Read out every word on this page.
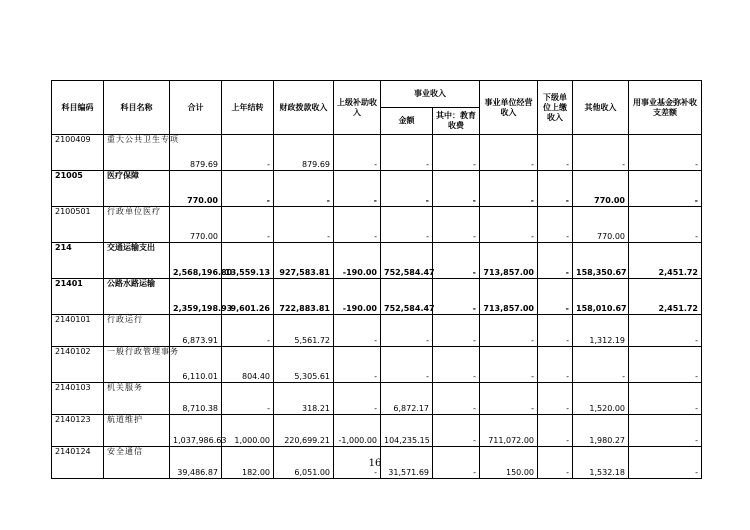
科目编码	科目名称	合计	上年结转	财政拨款收入	上级补助收入	事业收入		事业单位经营收入	下级单位上缴收入	其他收入	用事业基金弥补收支差额
						金额	其中：教育收费				
2100409	重大公共卫生专项	879.69	-	879.69	-	-	-	-	-	-	-
21005	医疗保障	770.00	-	-	-	-	-	-	-	770.00	-
2100501	行政单位医疗	770.00	-	-	-	-	-	-	-	770.00	-
214	交通运输支出	2,568,196.80	13,559.13	927,583.81	-190.00	752,584.47	-	713,857.00	-	158,350.67	2,451.72
21401	公路水路运输	2,359,198.93	9,601.26	722,883.81	-190.00	752,584.47	-	713,857.00	-	158,010.67	2,451.72
2140101	行政运行	6,873.91	-	5,561.72	-	-	-	-	-	1,312.19	-
2140102	一般行政管理事务	6,110.01	804.40	5,305.61	-	-	-	-	-	-	-
2140103	机关服务	8,710.38	-	318.21	-	6,872.17	-	-	-	1,520.00	-
2140123	航道维护	1,037,986.63	1,000.00	220,699.21	-1,000.00	104,235.15	-	711,072.00	-	1,980.27	-
2140124	安全通信	39,486.87	182.00	6,051.00	-	31,571.69	-	150.00	-	1,532.18	-
16
